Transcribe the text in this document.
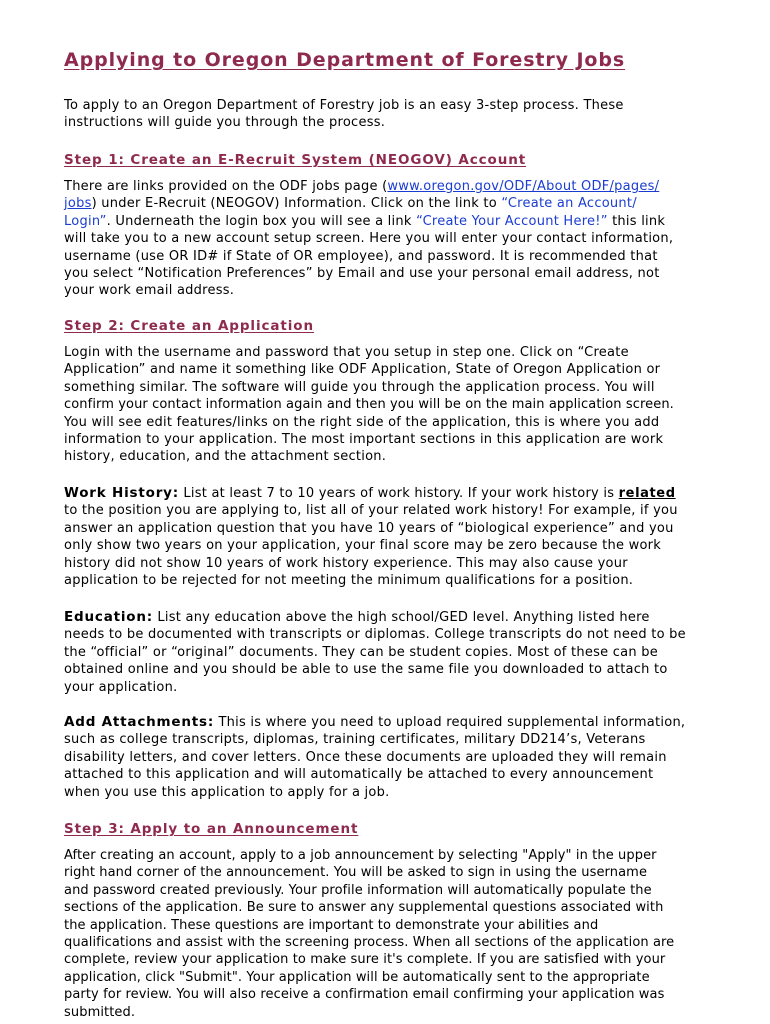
Applying to Oregon Department of Forestry Jobs

To apply to an Oregon Department of Forestry job is an easy 3-step process. These
instructions will guide you through the process.

Step 1: Create an E-Recruit System (NEOGOV) Account

There are links provided on the ODF jobs page (www.oregon.gov/ODF/About ODF/pages/
jobs) under E-Recruit (NEOGOV) Information. Click on the link to “Create an Account/
Login”. Underneath the login box you will see a link “Create Your Account Here!” this link
will take you to a new account setup screen. Here you will enter your contact information,
username (use OR ID# if State of OR employee), and password. It is recommended that
you select “Notification Preferences” by Email and use your personal email address, not
your work email address.

Step 2: Create an Application

Login with the username and password that you setup in step one. Click on “Create
Application” and name it something like ODF Application, State of Oregon Application or
something similar. The software will guide you through the application process. You will
confirm your contact information again and then you will be on the main application screen.
You will see edit features/links on the right side of the application, this is where you add
information to your application. The most important sections in this application are work
history, education, and the attachment section.

Work History: List at least 7 to 10 years of work history. If your work history is related
to the position you are applying to, list all of your related work history! For example, if you
answer an application question that you have 10 years of “biological experience” and you
only show two years on your application, your final score may be zero because the work
history did not show 10 years of work history experience. This may also cause your
application to be rejected for not meeting the minimum qualifications for a position.

Education: List any education above the high school/GED level. Anything listed here
needs to be documented with transcripts or diplomas. College transcripts do not need to be
the “official” or “original” documents. They can be student copies. Most of these can be
obtained online and you should be able to use the same file you downloaded to attach to
your application.

Add Attachments: This is where you need to upload required supplemental information,
such as college transcripts, diplomas, training certificates, military DD214’s, Veterans
disability letters, and cover letters. Once these documents are uploaded they will remain
attached to this application and will automatically be attached to every announcement
when you use this application to apply for a job.

Step 3: Apply to an Announcement

After creating an account, apply to a job announcement by selecting "Apply" in the upper
right hand corner of the announcement. You will be asked to sign in using the username
and password created previously. Your profile information will automatically populate the
sections of the application. Be sure to answer any supplemental questions associated with
the application. These questions are important to demonstrate your abilities and
qualifications and assist with the screening process. When all sections of the application are
complete, review your application to make sure it's complete. If you are satisfied with your
application, click "Submit". Your application will be automatically sent to the appropriate
party for review. You will also receive a confirmation email confirming your application was
submitted.
